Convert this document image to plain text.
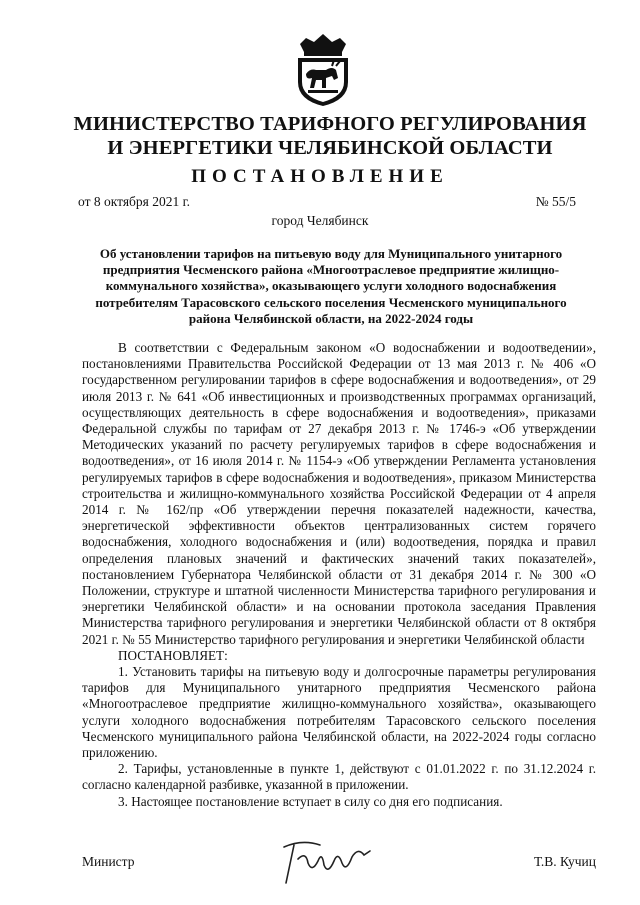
МИНИСТЕРСТВО ТАРИФНОГО РЕГУЛИРОВАНИЯ
И ЭНЕРГЕТИКИ ЧЕЛЯБИНСКОЙ ОБЛАСТИ
ПОСТАНОВЛЕНИЕ
от 8 октября 2021 г.	№ 55/5
город Челябинск
Об установлении тарифов на питьевую воду для Муниципального унитарного предприятия Чесменского района «Многоотраслевое предприятие жилищно-коммунального хозяйства», оказывающего услуги холодного водоснабжения потребителям Тарасовского сельского поселения Чесменского муниципального района Челябинской области, на 2022-2024 годы

В соответствии с Федеральным законом «О водоснабжении и водоотведении», постановлениями Правительства Российской Федерации от 13 мая 2013 г. № 406 «О государственном регулировании тарифов в сфере водоснабжения и водоотведения», от 29 июля 2013 г. № 641 «Об инвестиционных и производственных программах организаций, осуществляющих деятельность в сфере водоснабжения и водоотведения», приказами Федеральной службы по тарифам от 27 декабря 2013 г. № 1746-э «Об утверждении Методических указаний по расчету регулируемых тарифов в сфере водоснабжения и водоотведения», от 16 июля 2014 г. № 1154-э «Об утверждении Регламента установления регулируемых тарифов в сфере водоснабжения и водоотведения», приказом Министерства строительства и жилищно-коммунального хозяйства Российской Федерации от 4 апреля 2014 г. № 162/пр «Об утверждении перечня показателей надежности, качества, энергетической эффективности объектов централизованных систем горячего водоснабжения, холодного водоснабжения и (или) водоотведения, порядка и правил определения плановых значений и фактических значений таких показателей», постановлением Губернатора Челябинской области от 31 декабря 2014 г. № 300 «О Положении, структуре и штатной численности Министерства тарифного регулирования и энергетики Челябинской области» и на основании протокола заседания Правления Министерства тарифного регулирования и энергетики Челябинской области от 8 октября 2021 г. № 55 Министерство тарифного регулирования и энергетики Челябинской области

ПОСТАНОВЛЯЕТ:

1. Установить тарифы на питьевую воду и долгосрочные параметры регулирования тарифов для Муниципального унитарного предприятия Чесменского района «Многоотраслевое предприятие жилищно-коммунального хозяйства», оказывающего услуги холодного водоснабжения потребителям Тарасовского сельского поселения Чесменского муниципального района Челябинской области, на 2022-2024 годы согласно приложению.

2. Тарифы, установленные в пункте 1, действуют с 01.01.2022 г. по 31.12.2024 г. согласно календарной разбивке, указанной в приложении.

3. Настоящее постановление вступает в силу со дня его подписания.

Министр	Т.В. Кучиц
